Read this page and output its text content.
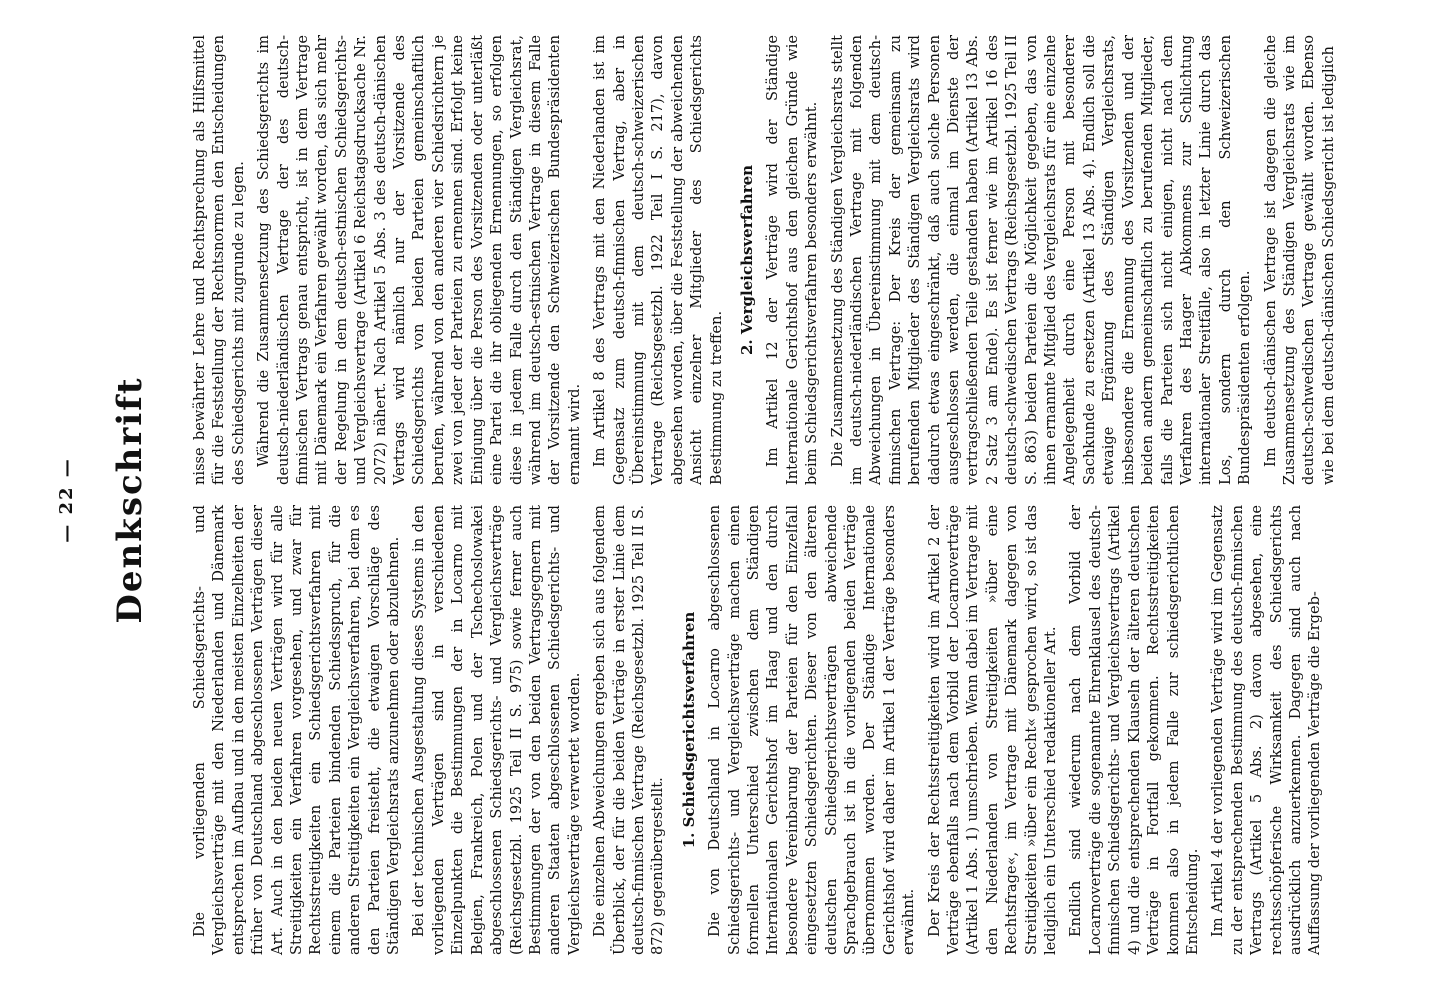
— 22 — Denkschrift

Die vorliegenden Schiedsgerichts- und Vergleichsverträge mit den Niederlanden und Dänemark entsprechen im Aufbau und in den meisten Einzelheiten der früher von Deutschland abgeschlossenen Verträgen dieser Art. Auch in den beiden neuen Verträgen wird für alle Streitigkeiten ein Verfahren vorgesehen, und zwar für Rechtsstreitigkeiten ein Schiedsgerichtsverfahren mit einem die Parteien bindenden Schiedsspruch, für die anderen Streitigkeiten ein Vergleichsverfahren, bei dem es den Parteien freisteht, die etwaigen Vorschläge des Ständigen Vergleichsrats anzunehmen oder abzulehnen. Bei der technischen Ausgestaltung dieses Systems in den vorliegenden Verträgen sind in verschiedenen Einzelpunkten die Bestimmungen der in Locarno mit Belgien, Frankreich, Polen und der Tschechoslowakei abgeschlossenen Schiedsgerichts- und Vergleichsverträge (Reichsgesetzbl. 1925 Teil II S. 975) sowie ferner auch Bestimmungen der von den beiden Vertragsgegnern mit anderen Staaten abgeschlossenen Schiedsgerichts- und Vergleichsverträge verwertet worden. Die einzelnen Abweichungen ergeben sich aus folgendem Überblick, der für die beiden Verträge in erster Linie dem deutsch-finnischen Vertrage (Reichsgesetzbl. 1925 Teil II S. 872) gegenübergestellt.

1. Schiedsgerichtsverfahren Die von Deutschland in Locarno abgeschlossenen Schiedsgerichts- und Vergleichsverträge machen einen formellen Unterschied zwischen dem Ständigen Internationalen Gerichtshof im Haag und den durch besondere Vereinbarung der Parteien für den Einzelfall eingesetzten Schiedsgerichten. Dieser von den älteren deutschen Schiedsgerichtsverträgen abweichende Sprachgebrauch ist in die vorliegenden beiden Verträge übernommen worden. Der Ständige Internationale Gerichtshof wird daher im Artikel 1 der Verträge besonders erwähnt. Der Kreis der Rechtsstreitigkeiten wird im Artikel 2 der Verträge ebenfalls nach dem Vorbild der Locarnoverträge (Artikel 1 Abs. 1) umschrieben. Wenn dabei im Vertrage mit den Niederlanden von Streitigkeiten »über eine Rechtsfrage«, im Vertrage mit Dänemark dagegen von Streitigkeiten »über ein Recht« gesprochen wird, so ist das lediglich ein Unterschied redaktioneller Art. Endlich sind wiederum nach dem Vorbild der Locarnoverträge die sogenannte Ehrenklausel des deutsch-finnischen Schiedsgerichts- und Vergleichsvertrags (Artikel 4) und die entsprechenden Klauseln der älteren deutschen Verträge in Fortfall gekommen. Rechtsstreitigkeiten kommen also in jedem Falle zur schiedsgerichtlichen Entscheidung. Im Artikel 4 der vorliegenden Verträge wird im Gegensatz zu der entsprechenden Bestimmung des deutsch-finnischen Vertrags (Artikel 5 Abs. 2) davon abgesehen, eine rechtsschöpferische Wirksamkeit des Schiedsgerichts ausdrücklich anzuerkennen. Dagegen sind auch nach Auffassung der vorliegenden Verträge die Ergeb-

nisse bewährter Lehre und Rechtsprechung als Hilfsmittel für die Feststellung der Rechtsnormen den Entscheidungen des Schiedsgerichts mit zugrunde zu legen. Während die Zusammensetzung des Schiedsgerichts im deutsch-niederländischen Vertrage der des deutsch-finnischen Vertrags genau entspricht, ist in dem Vertrage mit Dänemark ein Verfahren gewählt worden, das sich mehr der Regelung in dem deutsch-estnischen Schiedsgerichts- und Vergleichsvertrage (Artikel 6 Reichstagsdrucksache Nr. 2072) nähert. Nach Artikel 5 Abs. 3 des deutsch-dänischen Vertrags wird nämlich nur der Vorsitzende des Schiedsgerichts von beiden Parteien gemeinschaftlich berufen, während von den anderen vier Schiedsrichtern je zwei von jeder der Parteien zu ernennen sind. Erfolgt keine Einigung über die Person des Vorsitzenden oder unterläßt eine Partei die ihr obliegenden Ernennungen, so erfolgen diese in jedem Falle durch den Ständigen Vergleichsrat, während im deutsch-estnischen Vertrage in diesem Falle der Vorsitzende den Schweizerischen Bundespräsidenten ernannt wird. Im Artikel 8 des Vertrags mit den Niederlanden ist im Gegensatz zum deutsch-finnischen Vertrag, aber in Übereinstimmung mit dem deutsch-schweizerischen Vertrage (Reichsgesetzbl. 1922 Teil I S. 217), davon abgesehen worden, über die Feststellung der abweichenden Ansicht einzelner Mitglieder des Schiedsgerichts Bestimmung zu treffen.

2. Vergleichsverfahren Im Artikel 12 der Verträge wird der Ständige Internationale Gerichtshof aus den gleichen Gründe wie beim Schiedsgerichtsverfahren besonders erwähnt. Die Zusammensetzung des Ständigen Vergleichsrats stellt im deutsch-niederländischen Vertrage mit folgenden Abweichungen in Übereinstimmung mit dem deutsch-finnischen Vertrage: Der Kreis der gemeinsam zu berufenden Mitglieder des Ständigen Vergleichsrats wird dadurch etwas eingeschränkt, daß auch solche Personen ausgeschlossen werden, die einmal im Dienste der vertragschließenden Teile gestanden haben (Artikel 13 Abs. 2 Satz 3 am Ende). Es ist ferner wie im Artikel 16 des deutsch-schwedischen Vertrags (Reichsgesetzbl. 1925 Teil II S. 863) beiden Parteien die Möglichkeit gegeben, das von ihnen ernannte Mitglied des Vergleichsrats für eine einzelne Angelegenheit durch eine Person mit besonderer Sachkunde zu ersetzen (Artikel 13 Abs. 4). Endlich soll die etwaige Ergänzung des Ständigen Vergleichsrats, insbesondere die Ernennung des Vorsitzenden und der beiden andern gemeinschaftlich zu berufenden Mitglieder, falls die Parteien sich nicht einigen, nicht nach dem Verfahren des Haager Abkommens zur Schlichtung internationaler Streitfälle, also in letzter Linie durch das Los, sondern durch den Schweizerischen Bundespräsidenten erfolgen. Im deutsch-dänischen Vertrage ist dagegen die gleiche Zusammensetzung des Ständigen Vergleichsrats wie im deutsch-schwedischen Vertrage gewählt worden. Ebenso wie bei dem deutsch-dänischen Schiedsgericht ist lediglich
